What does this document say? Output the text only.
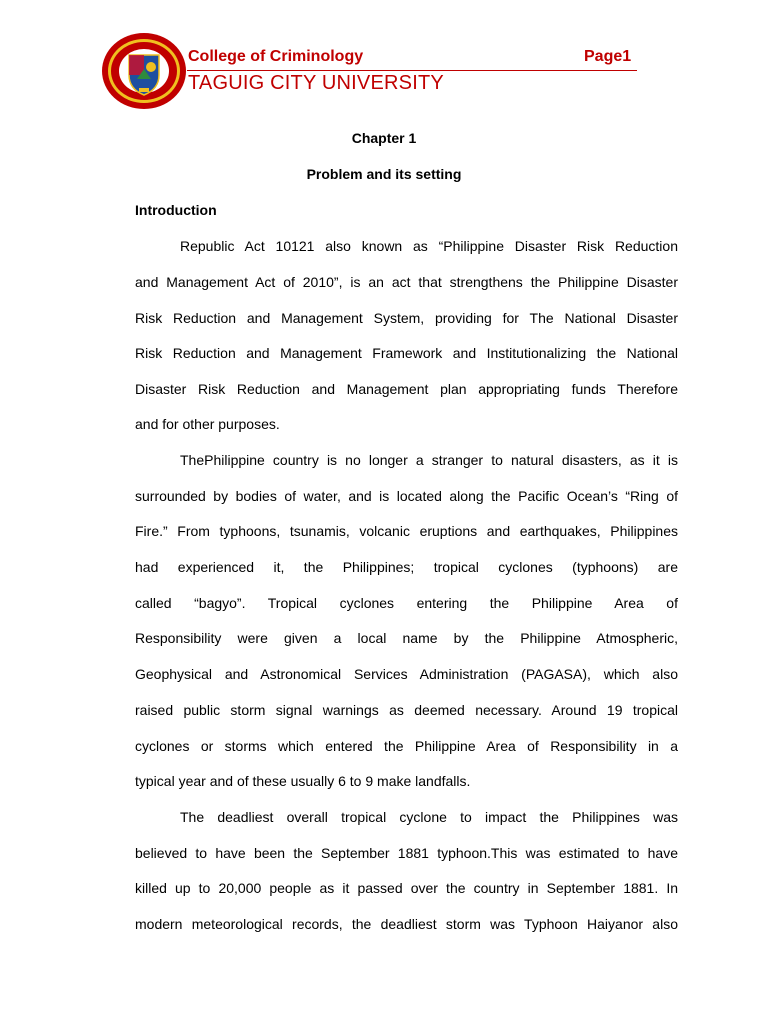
College of Criminology	Page1
TAGUIG CITY UNIVERSITY
Chapter 1
Problem and its setting
Introduction
Republic Act 10121 also known as “Philippine Disaster Risk Reduction
and Management Act of 2010”, is an act that strengthens the Philippine Disaster
Risk Reduction and Management System, providing for The National Disaster
Risk Reduction and Management Framework and Institutionalizing the National
Disaster Risk Reduction and Management plan appropriating funds Therefore
and for other purposes.
ThePhilippine country is no longer a stranger to natural disasters, as it is
surrounded by bodies of water, and is located along the Pacific Ocean’s “Ring of
Fire.” From typhoons, tsunamis, volcanic eruptions and earthquakes, Philippines
had experienced it, the Philippines; tropical cyclones (typhoons) are
called “bagyo”. Tropical cyclones entering the Philippine Area of
Responsibility were given a local name by the Philippine Atmospheric,
Geophysical and Astronomical Services Administration (PAGASA), which also
raised public storm signal warnings as deemed necessary. Around 19 tropical
cyclones or storms which entered the Philippine Area of Responsibility in a
typical year and of these usually 6 to 9 make landfalls.
The deadliest overall tropical cyclone to impact the Philippines was
believed to have been the September 1881 typhoon.This was estimated to have
killed up to 20,000 people as it passed over the country in September 1881. In
modern meteorological records, the deadliest storm was Typhoon Haiyanor also
